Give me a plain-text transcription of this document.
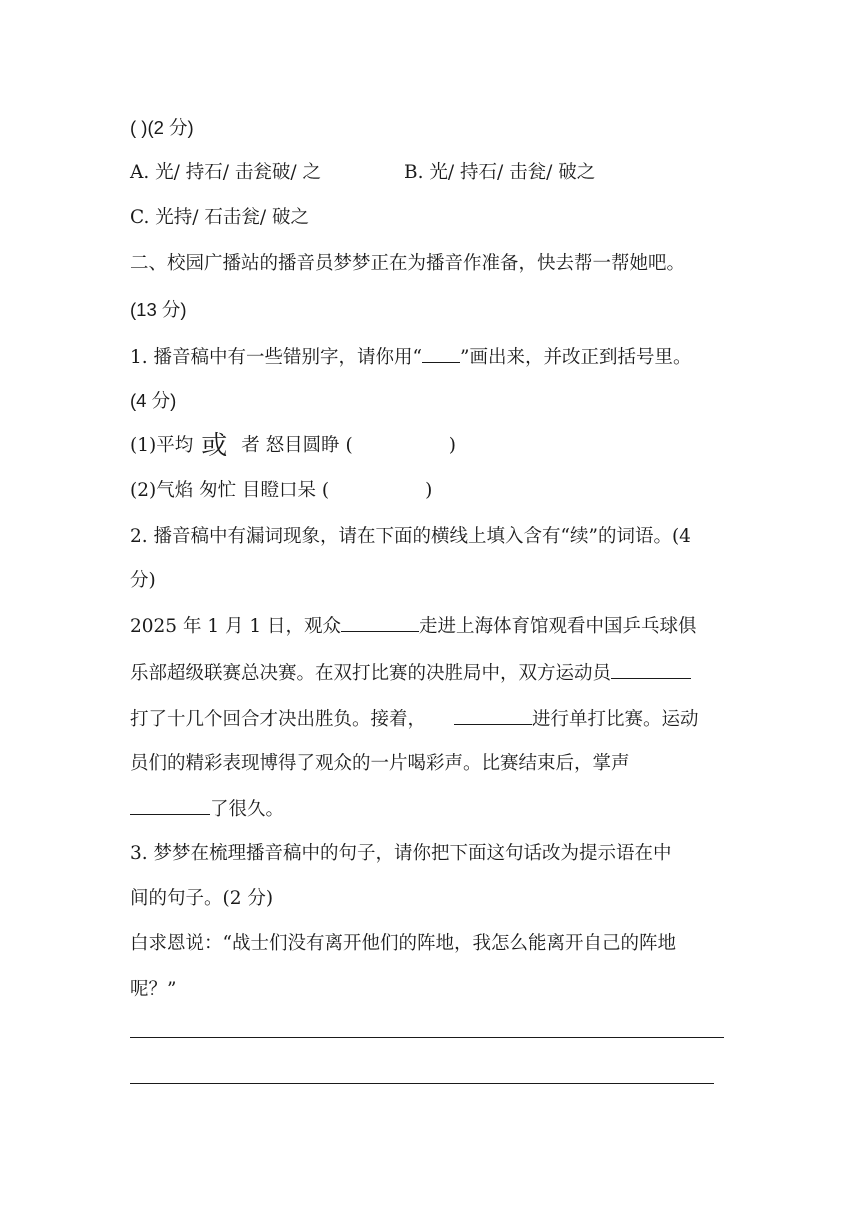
( )(2 分)
A. 光/ 持石/ 击瓮破/ 之	B. 光/ 持石/ 击瓮/ 破之
C. 光持/ 石击瓮/ 破之
二、校园广播站的播音员梦梦正在为播音作准备，快去帮一帮她吧。
(13 分)
1. 播音稿中有一些错别字，请你用“ ”画出来，并改正到括号里。
(4 分)
(1)平均 或 者 怒目圆睁 (	)
(2)气焰 匆忙 目瞪口呆 (	)
2. 播音稿中有漏词现象，请在下面的横线上填入含有“续”的词语。(4
分)
2025 年 1 月 1 日，观众	走进上海体育馆观看中国乒乓球俱
乐部超级联赛总决赛。在双打比赛的决胜局中，双方运动员
打了十几个回合才决出胜负。接着，	进行单打比赛。运动
员们的精彩表现博得了观众的一片喝彩声。比赛结束后，掌声
了很久。
3. 梦梦在梳理播音稿中的句子，请你把下面这句话改为提示语在中
间的句子。(2 分)
白求恩说：“战士们没有离开他们的阵地，我怎么能离开自己的阵地
呢？”
